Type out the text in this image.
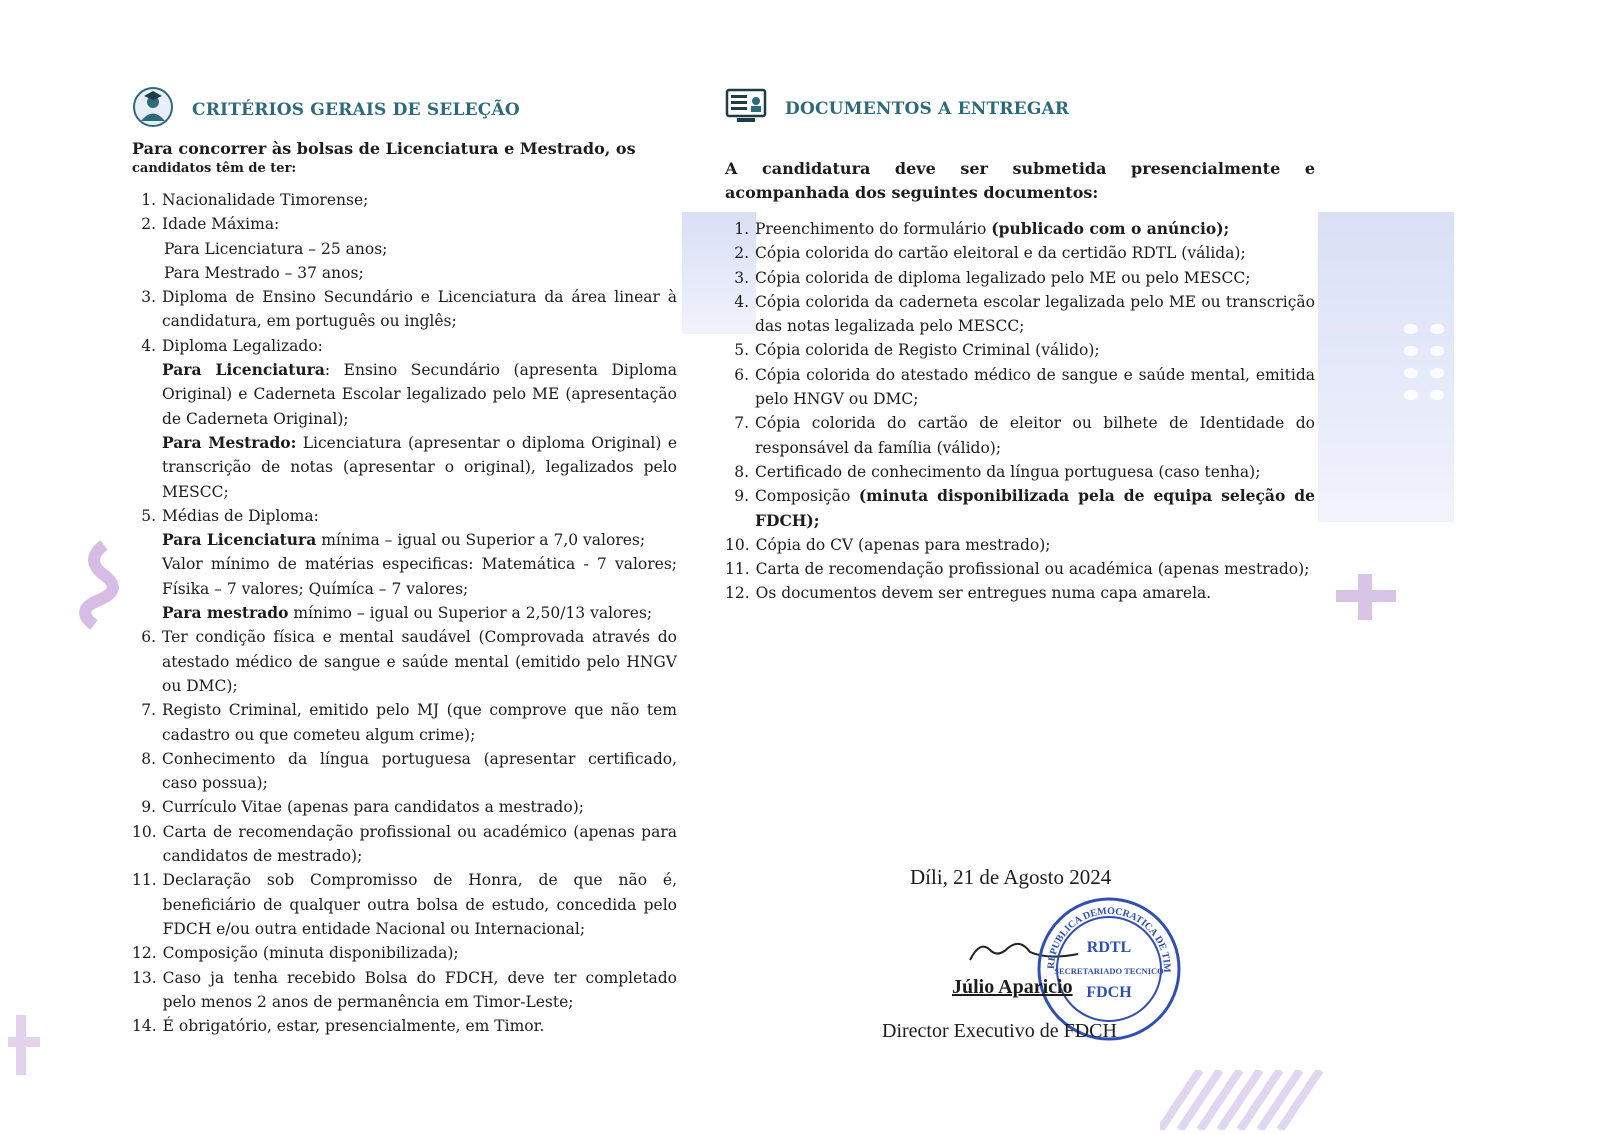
CRITÉRIOS GERAIS DE SELEÇÃO
Para concorrer às bolsas de Licenciatura e Mestrado, os
candidatos têm de ter:
1. Nacionalidade Timorense;
2. Idade Máxima:
Para Licenciatura – 25 anos;
Para Mestrado – 37 anos;
3. Diploma de Ensino Secundário e Licenciatura da área linear à candidatura, em português ou inglês;
4. Diploma Legalizado:
Para Licenciatura: Ensino Secundário (apresenta Diploma Original) e Caderneta Escolar legalizado pelo ME (apresentação de Caderneta Original);
Para Mestrado: Licenciatura (apresentar o diploma Original) e transcrição de notas (apresentar o original), legalizados pelo MESCC;
5. Médias de Diploma:
Para Licenciatura mínima – igual ou Superior a 7,0 valores;
Valor mínimo de matérias especificas: Matemática - 7 valores; Físika – 7 valores; Químíca – 7 valores;
Para mestrado mínimo – igual ou Superior a 2,50/13 valores;
6. Ter condição física e mental saudável (Comprovada através do atestado médico de sangue e saúde mental (emitido pelo HNGV ou DMC);
7. Registo Criminal, emitido pelo MJ (que comprove que não tem cadastro ou que cometeu algum crime);
8. Conhecimento da língua portuguesa (apresentar certificado, caso possua);
9. Currículo Vitae (apenas para candidatos a mestrado);
10. Carta de recomendação profissional ou académico (apenas para candidatos de mestrado);
11. Declaração sob Compromisso de Honra, de que não é, beneficiário de qualquer outra bolsa de estudo, concedida pelo FDCH e/ou outra entidade Nacional ou Internacional;
12. Composição (minuta disponibilizada);
13. Caso ja tenha recebido Bolsa do FDCH, deve ter completado pelo menos 2 anos de permanência em Timor-Leste;
14. É obrigatório, estar, presencialmente, em Timor.
DOCUMENTOS A ENTREGAR
A candidatura deve ser submetida presencialmente e acompanhada dos seguintes documentos:
1. Preenchimento do formulário (publicado com o anúncio);
2. Cópia colorida do cartão eleitoral e da certidão RDTL (válida);
3. Cópia colorida de diploma legalizado pelo ME ou pelo MESCC;
4. Cópia colorida da caderneta escolar legalizada pelo ME ou transcrição das notas legalizada pelo MESCC;
5. Cópia colorida de Registo Criminal (válido);
6. Cópia colorida do atestado médico de sangue e saúde mental, emitida pelo HNGV ou DMC;
7. Cópia colorida do cartão de eleitor ou bilhete de Identidade do responsável da família (válido);
8. Certificado de conhecimento da língua portuguesa (caso tenha);
9. Composição (minuta disponibilizada pela de equipa seleção de FDCH);
10. Cópia do CV (apenas para mestrado);
11. Carta de recomendação profissional ou académica (apenas mestrado);
12. Os documentos devem ser entregues numa capa amarela.
Díli, 21 de Agosto 2024
REPUBLICA DEMOCRATICA DE TIM
RDTL
SECRETARIADO TECNICO
FDCH
Júlio Aparicio
Director Executivo de FDCH
